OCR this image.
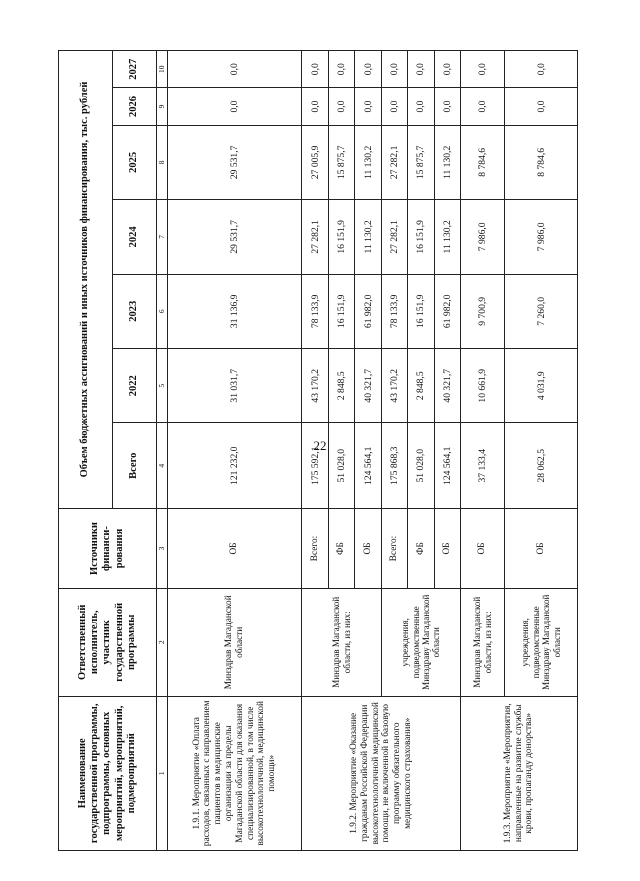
22
Наименование государственной программы, подпрограммы, основных мероприятий, мероприятий, подмероприятий	Ответственный исполнитель, участник государственной программы	Источники финанси-рования	Объем бюджетных ассигнований и иных источников финансирования, тыс. рублей						
			Всего	2022	2023	2024	2025	2026	2027
1	2	3	4	5	6	7	8	9	10
1.9.1. Мероприятие «Оплата расходов, связанных с направлением пациентов в медицинские организации за пределы Магаданской области для оказания специализированной, в том числе высокотехнологичной, медицинской помощи»	Минздрав Магаданской области	ОБ	121 232,0	31 031,7	31 136,9	29 531,7	29 531,7	0,0	0,0
1.9.2. Мероприятие «Оказание гражданам Российской Федерации высокотехнологичной медицинской помощи, не включенной в базовую программу обязательного медицинского страхования»	Минздрав Магаданской области, из них:	Всего:	175 592,1	43 170,2	78 133,9	27 282,1	27 005,9	0,0	0,0
		ФБ	51 028,0	2 848,5	16 151,9	16 151,9	15 875,7	0,0	0,0
		ОБ	124 564,1	40 321,7	61 982,0	11 130,2	11 130,2	0,0	0,0
	учреждения, подведомственные Минздраву Магаданской области	Всего:	175 868,3	43 170,2	78 133,9	27 282,1	27 282,1	0,0	0,0
		ФБ	51 028,0	2 848,5	16 151,9	16 151,9	15 875,7	0,0	0,0
		ОБ	124 564,1	40 321,7	61 982,0	11 130,2	11 130,2	0,0	0,0
1.9.3. Мероприятие «Мероприятия, направленные на развитие службы крови, пропаганду донорства»	Минздрав Магаданской области, из них:	ОБ	37 133,4	10 661,9	9 700,9	7 986,0	8 784,6	0,0	0,0
	учреждения, подведомственные Минздраву Магаданской области	ОБ	28 062,5	4 031,9	7 260,0	7 986,0	8 784,6	0,0	0,0
